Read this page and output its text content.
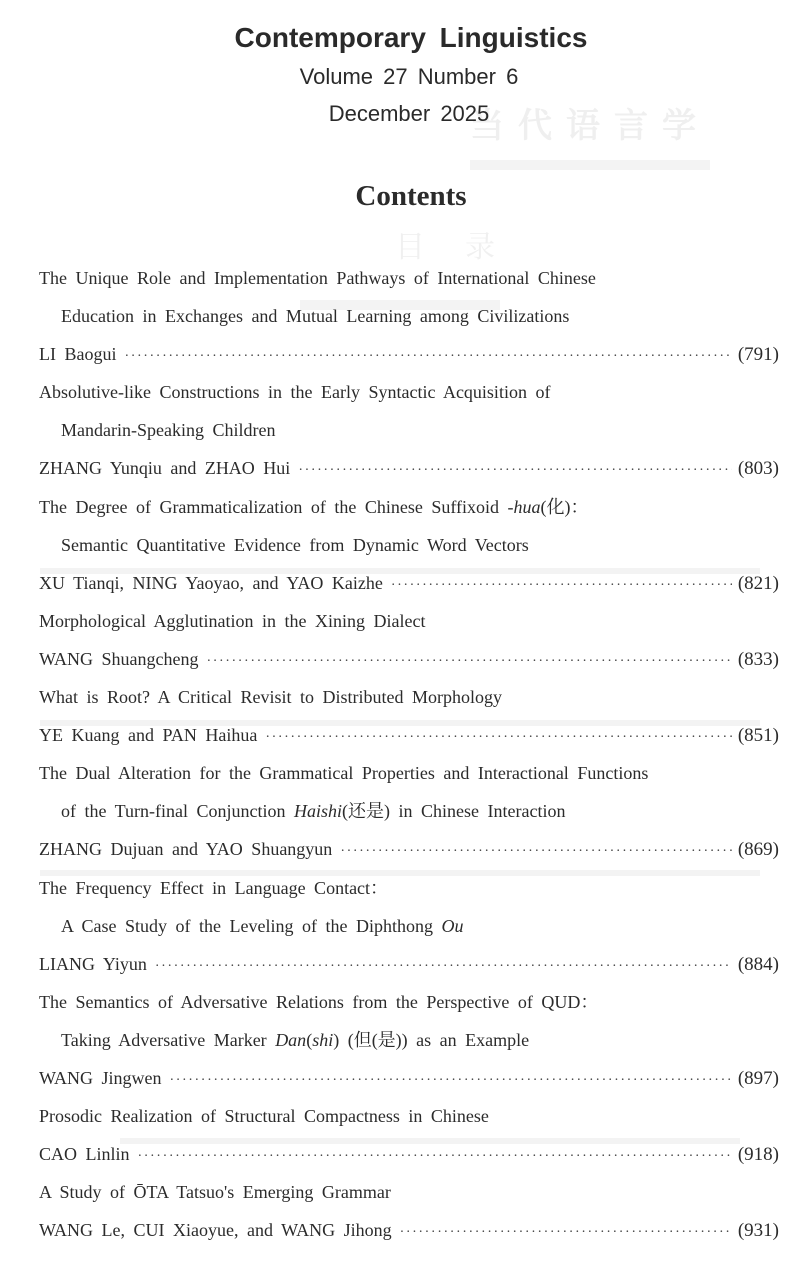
当代语言学
目录
Contemporary Linguistics
Volume 27 Number 6
December 2025
Contents
The Unique Role and Implementation Pathways of International Chinese
Education in Exchanges and Mutual Learning among Civilizations
LI Baogui ·····	(791)
Absolutive-like Constructions in the Early Syntactic Acquisition of
Mandarin-Speaking Children
ZHANG Yunqiu and ZHAO Hui ·····	(803)
The Degree of Grammaticalization of the Chinese Suffixoid -hua(化)：
Semantic Quantitative Evidence from Dynamic Word Vectors
XU Tianqi, NING Yaoyao, and YAO Kaizhe ·····	(821)
Morphological Agglutination in the Xining Dialect
WANG Shuangcheng ·····	(833)
What is Root? A Critical Revisit to Distributed Morphology
YE Kuang and PAN Haihua ·····	(851)
The Dual Alteration for the Grammatical Properties and Interactional Functions
of the Turn-final Conjunction Haishi(还是) in Chinese Interaction
ZHANG Dujuan and YAO Shuangyun ·····	(869)
The Frequency Effect in Language Contact：
A Case Study of the Leveling of the Diphthong Ou
LIANG Yiyun ·····	(884)
The Semantics of Adversative Relations from the Perspective of QUD：
Taking Adversative Marker Dan(shi) (但(是)) as an Example
WANG Jingwen ·····	(897)
Prosodic Realization of Structural Compactness in Chinese
CAO Linlin ·····	(918)
A Study of ŌTA Tatsuo's Emerging Grammar
WANG Le, CUI Xiaoyue, and WANG Jihong ·····	(931)
